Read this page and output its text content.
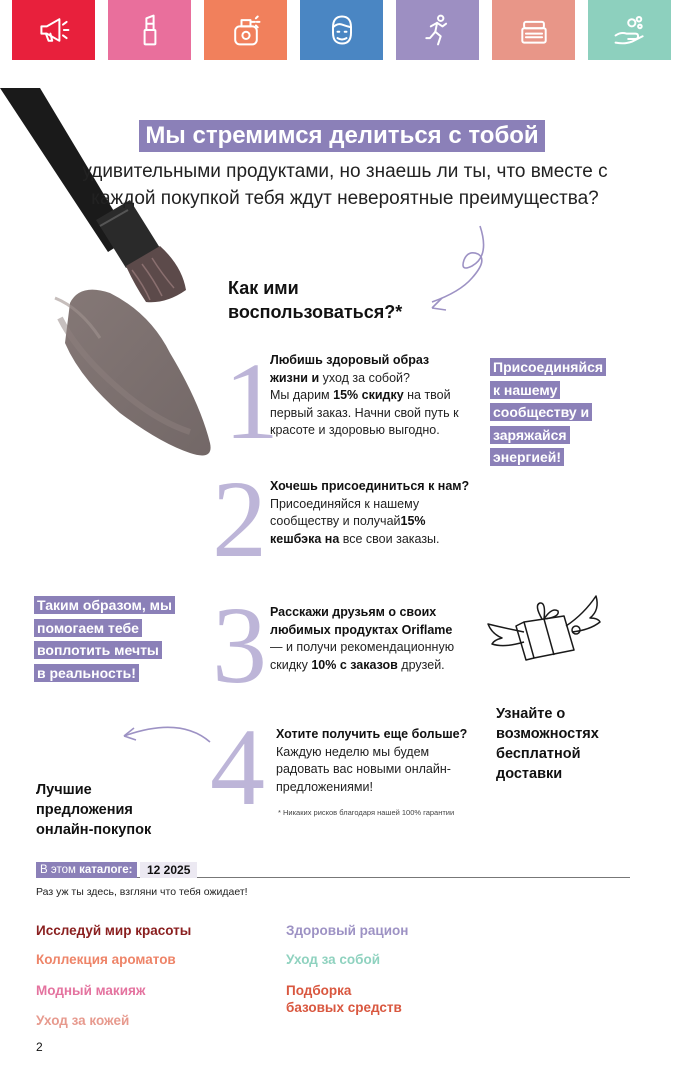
Мы стремимся делиться с тобой
удивительными продуктами, но знаешь ли ты, что вместе с
каждой покупкой тебя ждут невероятные преимущества?
Как ими
воспользоваться?*
1
2
3
4
Любишь здоровый образ
жизни и уход за собой?
Мы дарим 15% скидку на твой
первый заказ. Начни свой путь к
красоте и здоровью выгодно.
Хочешь присоединиться к нам?
Присоединяйся к нашему
сообществу и получай15%
кешбэка на все свои заказы.
Расскажи друзьям о своих
любимых продуктах Oriflame
— и получи рекомендационную
скидку 10% с заказов друзей.
Хотите получить еще больше?
Каждую неделю мы будем
радовать вас новыми онлайн-
предложениями!
Присоединяйся
к нашему
сообществу и
заряжайся
энергией!
Таким образом, мы
помогаем тебе
воплотить мечты
в реальность!
Узнайте о
возможностях
бесплатной
доставки
Лучшие
предложения
онлайн-покупок
* Никаких рисков благодаря нашей 100% гарантии
В этом каталоге:	12 2025
Раз уж ты здесь, взгляни что тебя ожидает!
Исследуй мир красоты
Коллекция ароматов
Модный макияж
Уход за кожей
Здоровый рацион
Уход за собой
Подборка
базовых средств
2
